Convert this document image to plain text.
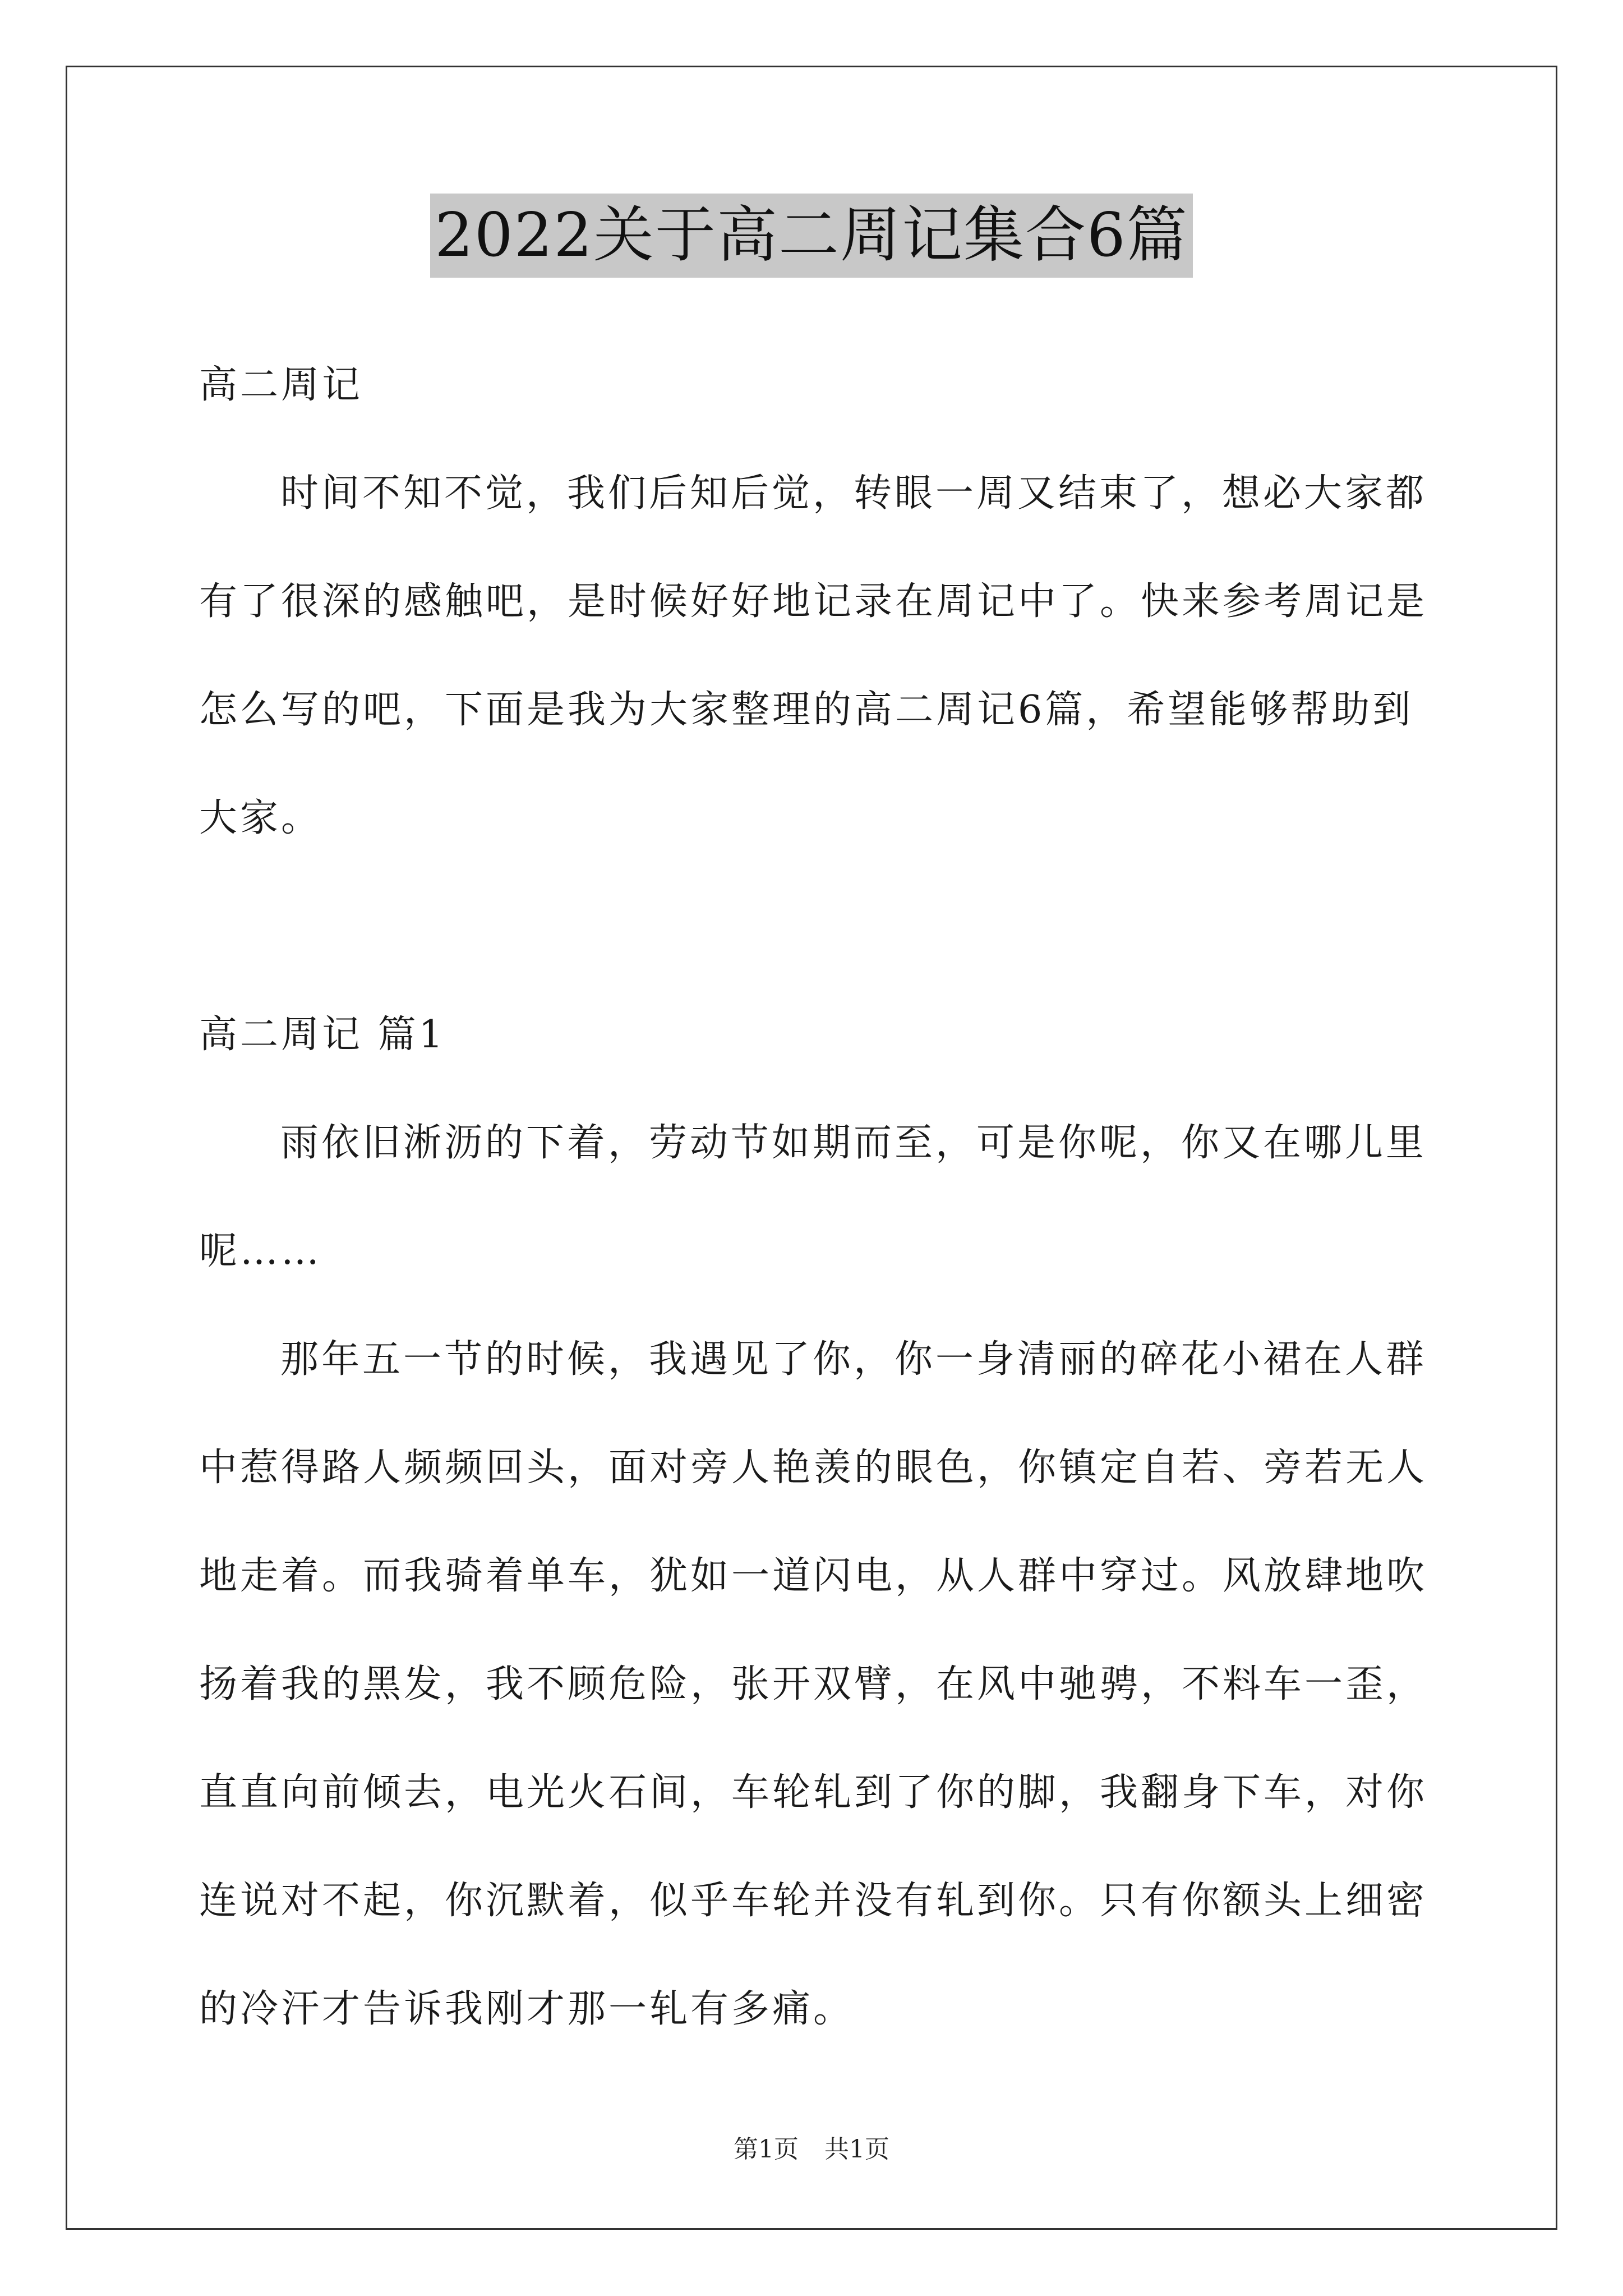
2022关于高二周记集合6篇
高二周记
时间不知不觉，我们后知后觉，转眼一周又结束了，想必大家都
有了很深的感触吧，是时候好好地记录在周记中了。快来参考周记是
怎么写的吧，下面是我为大家整理的高二周记6篇，希望能够帮助到
大家。
高二周记 篇1
雨依旧淅沥的下着，劳动节如期而至，可是你呢，你又在哪儿里
呢……
那年五一节的时候，我遇见了你，你一身清丽的碎花小裙在人群
中惹得路人频频回头，面对旁人艳羡的眼色，你镇定自若、旁若无人
地走着。而我骑着单车，犹如一道闪电，从人群中穿过。风放肆地吹
扬着我的黑发，我不顾危险，张开双臂，在风中驰骋，不料车一歪，
直直向前倾去，电光火石间，车轮轧到了你的脚，我翻身下车，对你
连说对不起，你沉默着，似乎车轮并没有轧到你。只有你额头上细密
的冷汗才告诉我刚才那一轧有多痛。
第1页 共1页
